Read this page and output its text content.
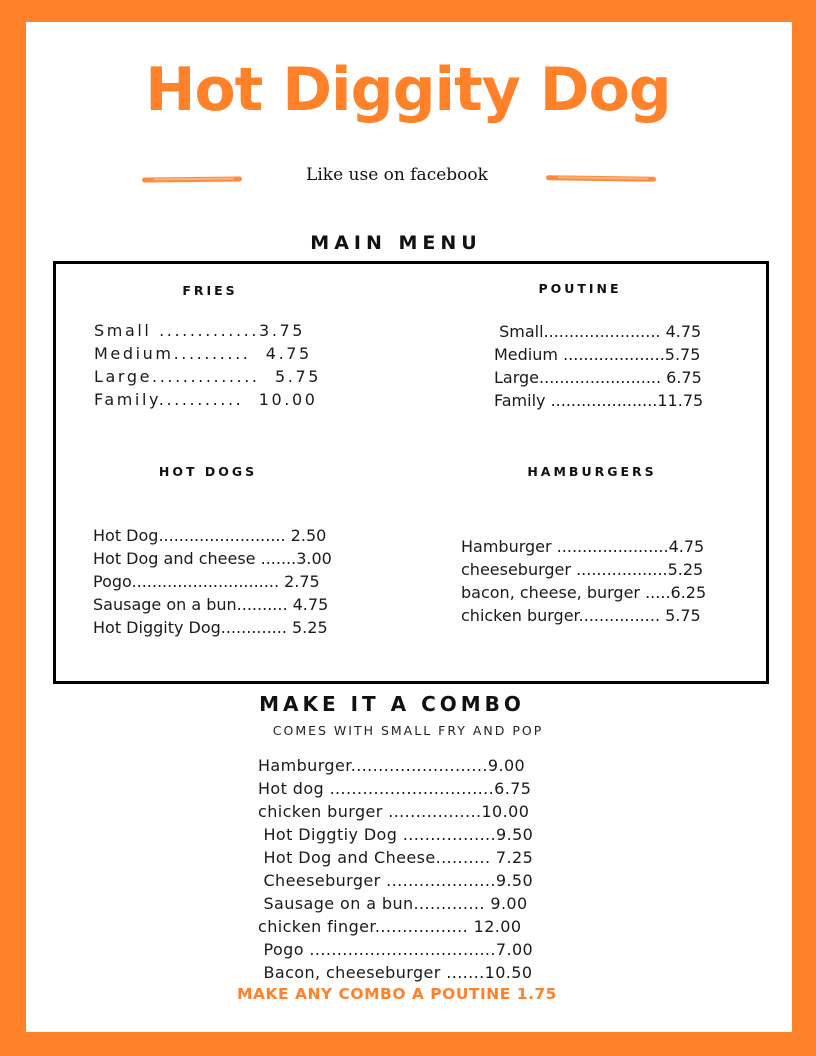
Hot Diggity Dog
Like use on facebook
MAIN MENU
FRIES
Small .............3.75
Medium..........  4.75
Large..............  5.75
Family...........  10.00
POUTINE
Small....................... 4.75
Medium ....................5.75
Large........................ 6.75
Family .....................11.75
HOT DOGS
Hot Dog......................... 2.50
Hot Dog and cheese .......3.00
Pogo............................. 2.75
Sausage on a bun.......... 4.75
Hot Diggity Dog............. 5.25
HAMBURGERS
Hamburger ......................4.75
cheeseburger ..................5.25
bacon, cheese, burger .....6.25
chicken burger................ 5.75
MAKE IT A COMBO
COMES WITH SMALL FRY AND POP
Hamburger.........................9.00
Hot dog ..............................6.75
chicken burger .................10.00
Hot Diggtiy Dog .................9.50
Hot Dog and Cheese.......... 7.25
Cheeseburger ....................9.50
Sausage on a bun............. 9.00
chicken finger................. 12.00
Pogo ..................................7.00
Bacon, cheeseburger .......10.50
MAKE ANY COMBO A POUTINE 1.75
